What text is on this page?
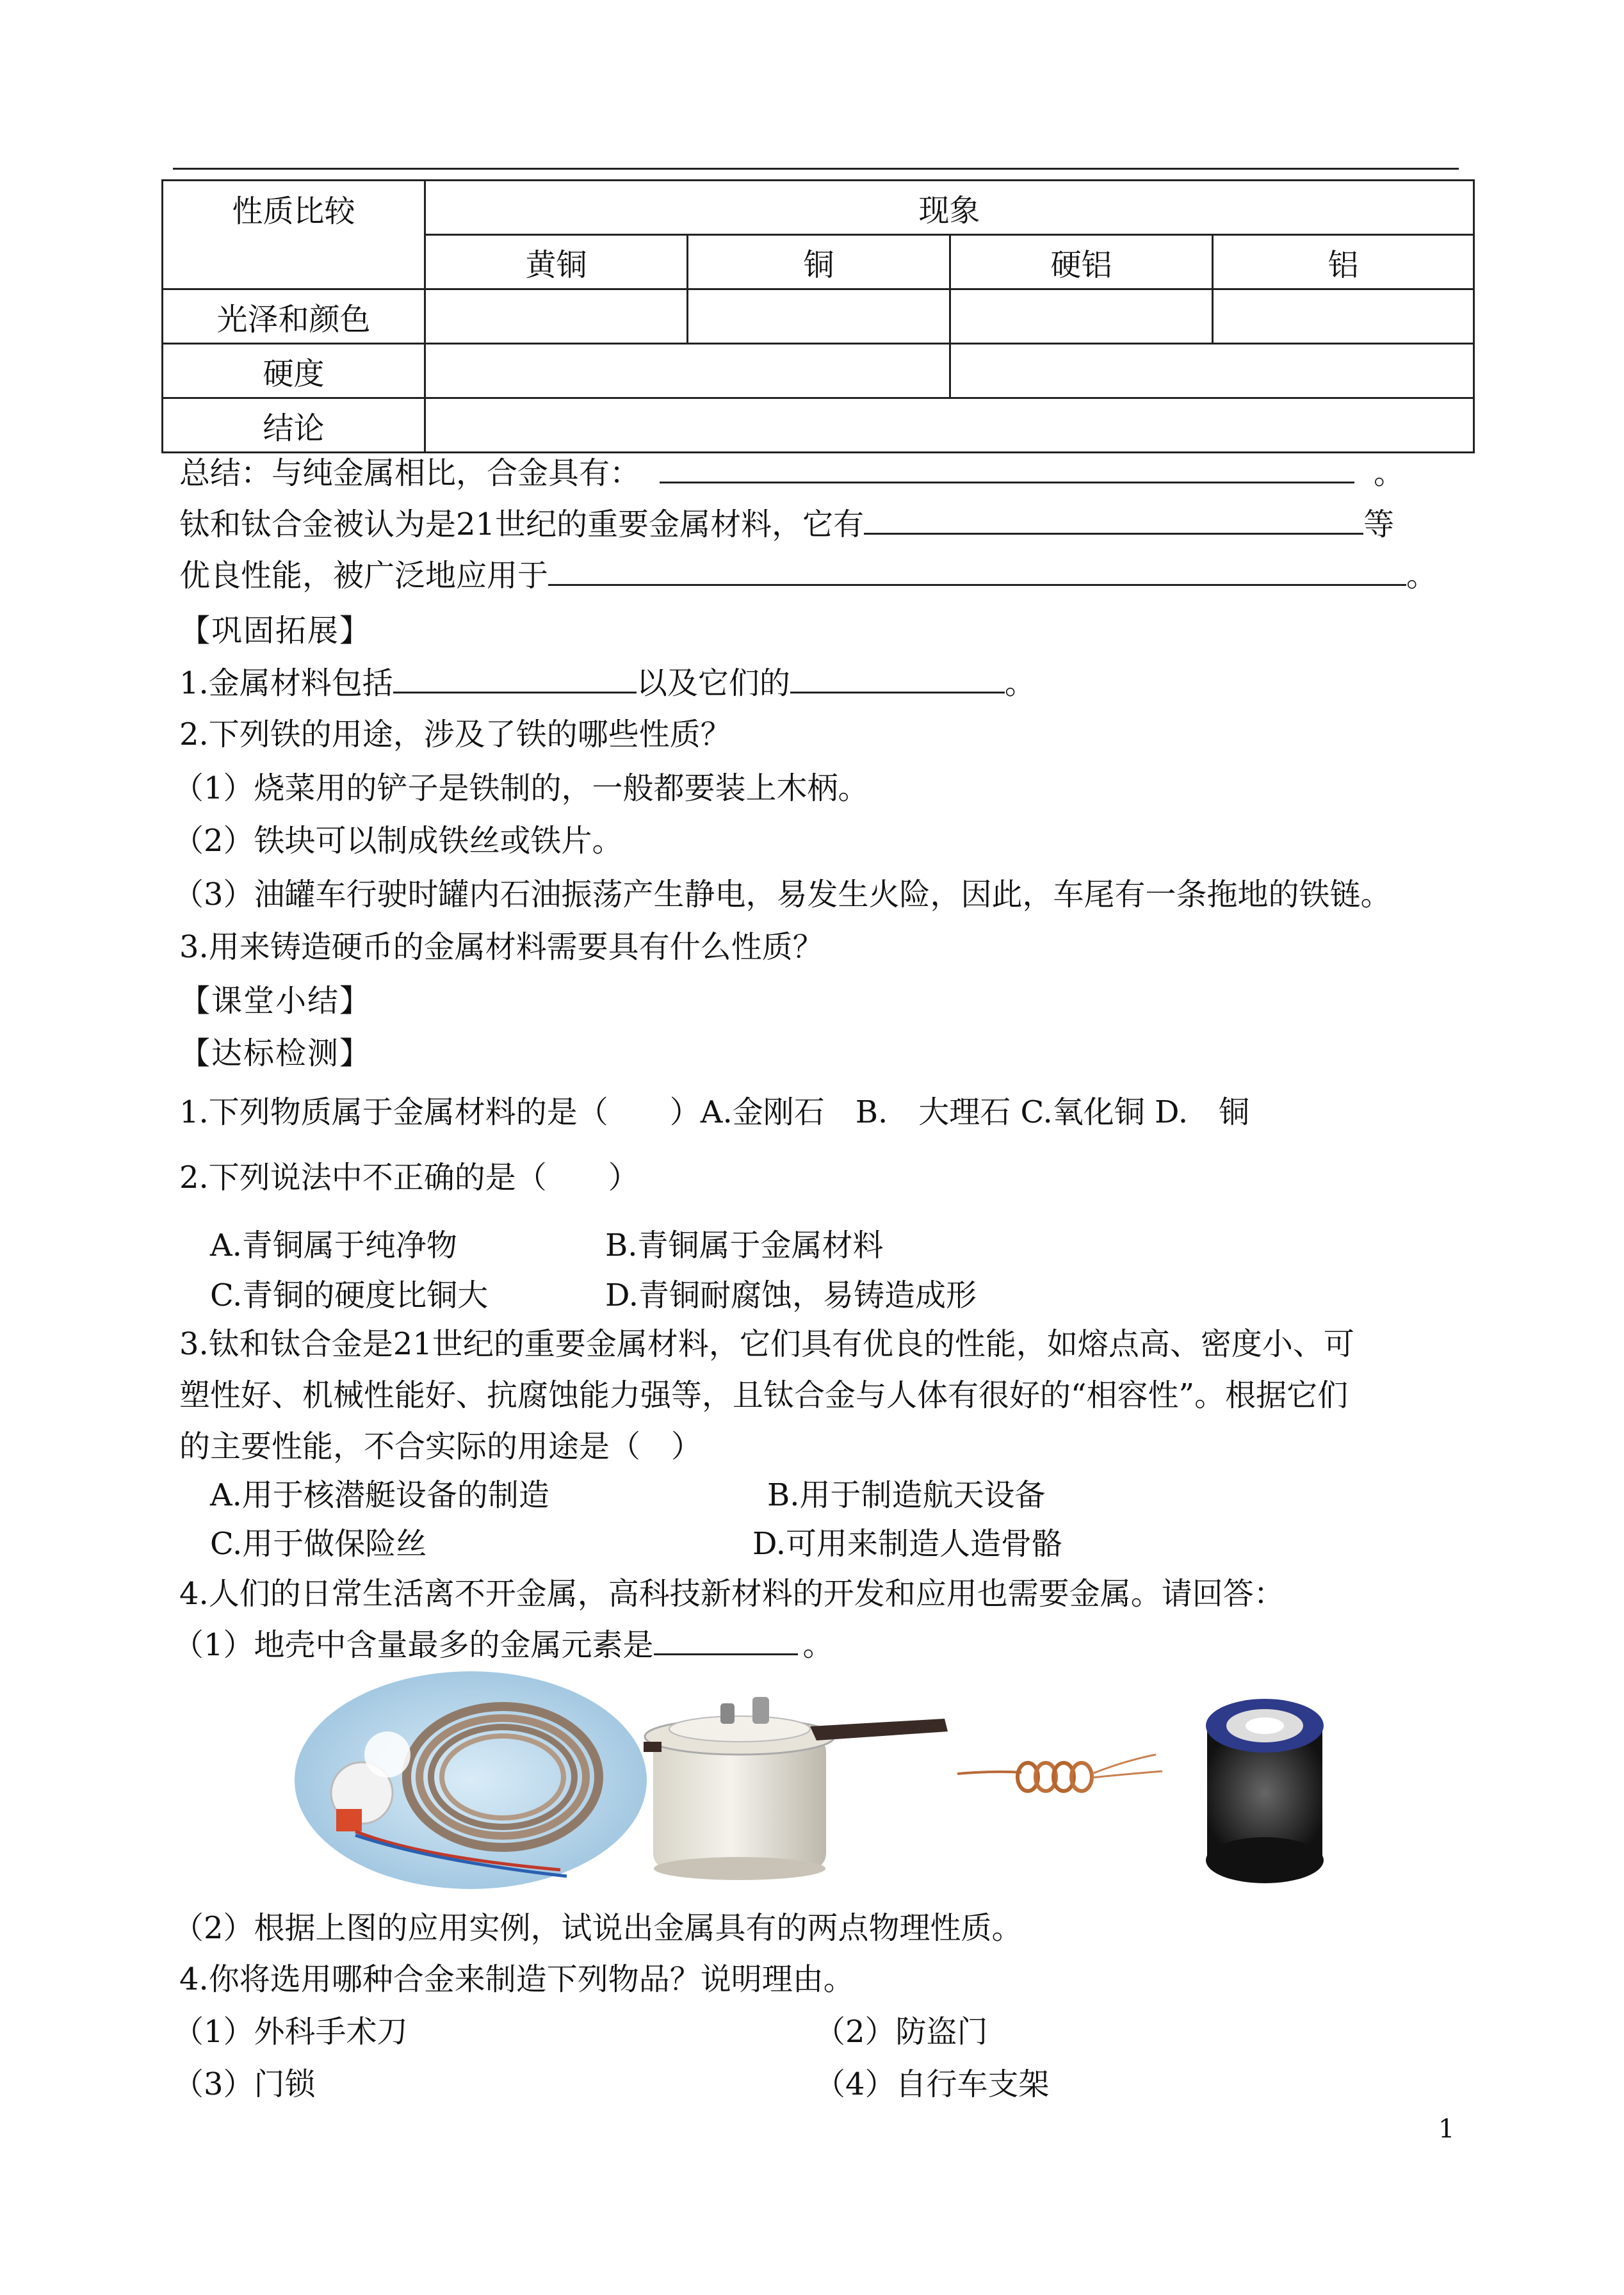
性质比较	现象			
	黄铜	铜	硬铝	铝
光泽和颜色				
硬度				
结论				
总结：与纯金属相比，合金具有：	。
钛和钛合金被认为是21世纪的重要金属材料，它有	等
优良性能，被广泛地应用于	。
【巩固拓展】
1.金属材料包括	以及它们的	。
2.下列铁的用途，涉及了铁的哪些性质？
（1）烧菜用的铲子是铁制的，一般都要装上木柄。
（2）铁块可以制成铁丝或铁片。
（3）油罐车行驶时罐内石油振荡产生静电，易发生火险，因此，车尾有一条拖地的铁链。
3.用来铸造硬币的金属材料需要具有什么性质？
【课堂小结】
【达标检测】
1.下列物质属于金属材料的是（　　）A.金刚石　B.　大理石 C.氧化铜 D.　铜
2.下列说法中不正确的是（　　）
A.青铜属于纯净物	B.青铜属于金属材料
C.青铜的硬度比铜大	D.青铜耐腐蚀，易铸造成形
3.钛和钛合金是21世纪的重要金属材料，它们具有优良的性能，如熔点高、密度小、可
塑性好、机械性能好、抗腐蚀能力强等，且钛合金与人体有很好的“相容性”。根据它们
的主要性能，不合实际的用途是（　）
A.用于核潜艇设备的制造	B.用于制造航天设备
C.用于做保险丝	D.可用来制造人造骨骼
4.人们的日常生活离不开金属，高科技新材料的开发和应用也需要金属。请回答：
（1）地壳中含量最多的金属元素是	。
（2）根据上图的应用实例，试说出金属具有的两点物理性质。
4.你将选用哪种合金来制造下列物品？说明理由。
（1）外科手术刀	（2）防盗门
（3）门锁	（4）自行车支架
1
